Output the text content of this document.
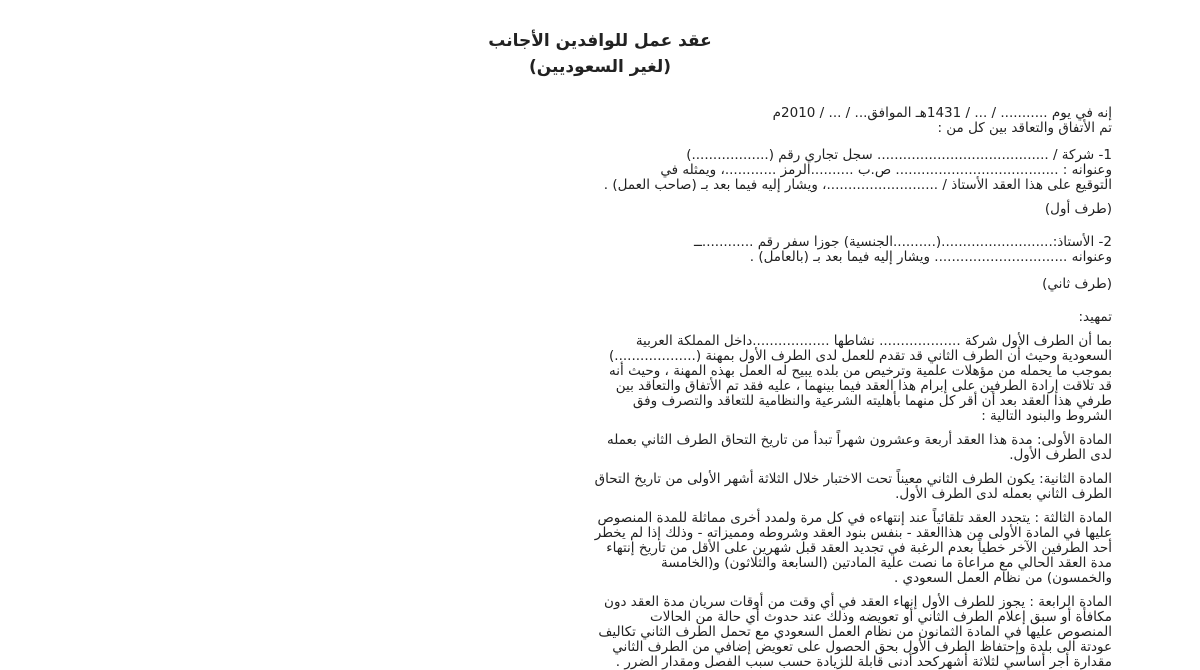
عقد عمل للوافدين الأجانب
(لغير السعوديين)

إنه في يوم ........... / ... / 1431هـ الموافق... / ... / 2010م

تم الأتفاق والتعاقد بين كل من :

1- شركة / ........................................ سجل تجاري رقم (..................)

وعنوانه : ...................................... ص.ب ..........الرمز ............، ويمثله في

التوقيع على هذا العقد الأستاذ / ..........................، ويشار إليه فيما بعد بـ (صاحب العمل) .

(طرف أول)

2- الأستاذ:..........................(..........الجنسية) جوزا سفر رقم ............ــ

وعنوانه ............................... ويشار إليه فيما بعد بـ (بالعامل) .

(طرف ثاني)

تمهيد:

بما أن الطرف الأول شركة ................... نشاطها ..................داخل المملكة العربية

السعودية وحيث أن الطرف الثاني قد تقدم للعمل لدى الطرف الأول بمهنة (...................)

بموجب ما يحمله من مؤهلات علمية وترخيص من بلده يبيح له العمل بهذه المهنة ، وحيث أنه

قد تلاقت إرادة الطرفين على إبرام هذا العقد فيما بينهما ، عليه فقد تم الأتفاق والتعاقد بين

طرفي هذا العقد بعد أن أقر كل منهما بأهليته الشرعية والنظامية للتعاقد والتصرف وفق

الشروط والبنود التالية :

المادة الأولى: مدة هذا العقد أربعة وعشرون شهراً تبدأ من تاريخ التحاق الطرف الثاني بعمله

لدى الطرف الأول.

المادة الثانية: يكون الطرف الثاني معيناً تحت الاختبار خلال الثلاثة أشهر الأولى من تاريخ التحاق

الطرف الثاني بعمله لدى الطرف الأول.

المادة الثالثة : يتجدد العقد تلقائياً عند إنتهاءه في كل مرة ولمدد أخرى مماثلة للمدة المنصوص

عليها في المادة الأولى من هذاالعقد - بنفس بنود العقد وشروطه ومميزاته - وذلك إذا لم يخطر

أحد الطرفين الآخر خطياً بعدم الرغبة في تجديد العقد قبل شهرين على الأقل من تاريخ إنتهاء

مدة العقد الحالي مع مراعاة ما نصت علية المادتين (السابعة والثلاثون) و(الخامسة

والخمسون) من نظام العمل السعودي .

المادة الرابعة : يجوز للطرف الأول إنهاء العقد في أي وقت من أوقات سريان مدة العقد دون

مكافأة أو سبق إعلام الطرف الثاني أو تعويضه وذلك عند حدوث أي حالة من الحالات

المنصوص عليها في المادة الثمانون من نظام العمل السعودي مع تحمل الطرف الثاني تكاليف

عودتة الى بلدة وإحتفاظ الطرف الأول بحق الحصول على تعويض إضافي من الطرف الثاني

مقدارة أجر أساسي لثلاثة أشهركحد أدنى قابلة للزيادة حسب سبب الفصل ومقدار الضرر .
